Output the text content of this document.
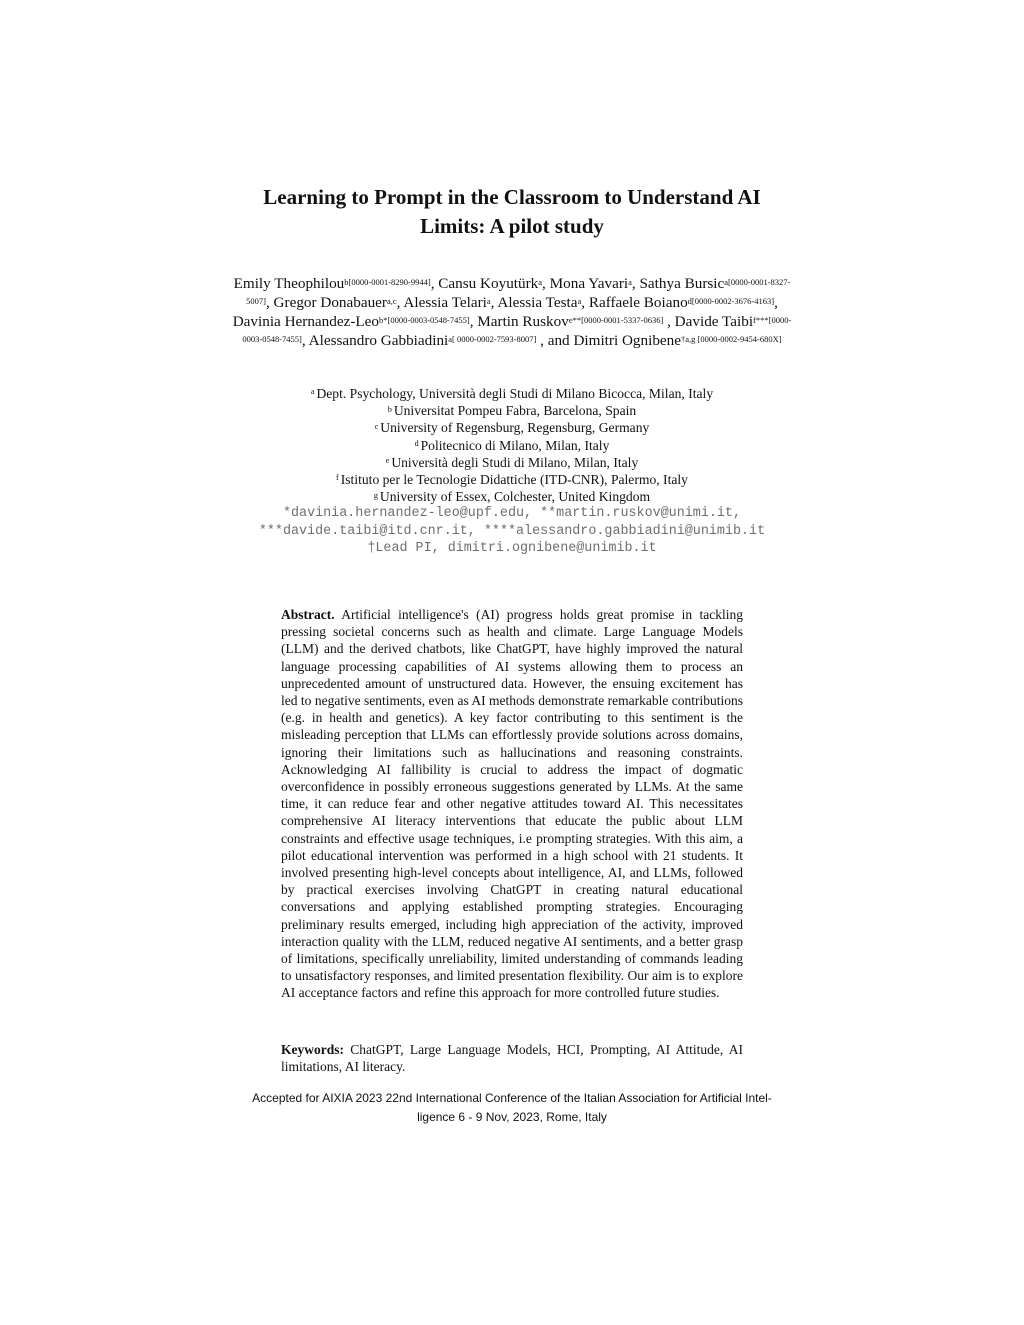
Learning to Prompt in the Classroom to Understand AI
Limits: A pilot study
Emily Theophilou$^{b[0000-0001-8290-9944]}$, Cansu Koyutürk$^a$, Mona Yavari$^a$, Sathya Bursic$^{a[0000-0001-8327-5007]}$, Gregor Donabauer$^{a,c}$, Alessia Telari$^a$, Alessia Testa$^a$, Raffaele Boiano$^{d[0000-0002-3676-4163]}$, Davinia Hernandez-Leo$^{b*[0000-0003-0548-7455]}$, Martin Ruskov$^{e**[0000-0001-5337-0636]}$ , Davide Taibi$^{f***[0000-0003-0548-7455]}$, Alessandro Gabbiadini$^{a[ 0000-0002-7593-8007]}$ , and Dimitri Ognibene$^{\dagger a,g [0000-0002-9454-680X]}$
$^a$ Dept. Psychology, Università degli Studi di Milano Bicocca, Milan, Italy
$^b$ Universitat Pompeu Fabra, Barcelona, Spain
$^c$ University of Regensburg, Regensburg, Germany
$^d$ Politecnico di Milano, Milan, Italy
$^e$ Università degli Studi di Milano, Milan, Italy
$^f$ Istituto per le Tecnologie Didattiche (ITD-CNR), Palermo, Italy
$^g$ University of Essex, Colchester, United Kingdom
*davinia.hernandez-leo@upf.edu, **martin.ruskov@unimi.it,
***davide.taibi@itd.cnr.it, ****alessandro.gabbiadini@unimib.it
†Lead PI, dimitri.ognibene@unimib.it
Abstract. Artificial intelligence's (AI) progress holds great promise in tackling pressing societal concerns such as health and climate. Large Language Models (LLM) and the derived chatbots, like ChatGPT, have highly improved the natural language processing capabilities of AI systems allowing them to process an unprecedented amount of unstructured data. However, the ensuing excitement has led to negative sentiments, even as AI methods demonstrate remarkable contributions (e.g. in health and genetics). A key factor contributing to this sentiment is the misleading perception that LLMs can effortlessly provide solutions across domains, ignoring their limitations such as hallucinations and reasoning constraints. Acknowledging AI fallibility is crucial to address the impact of dogmatic overconfidence in possibly erroneous suggestions generated by LLMs. At the same time, it can reduce fear and other negative attitudes toward AI. This necessitates comprehensive AI literacy interventions that educate the public about LLM constraints and effective usage techniques, i.e prompting strategies. With this aim, a pilot educational intervention was performed in a high school with 21 students. It involved presenting high-level concepts about intelligence, AI, and LLMs, followed by practical exercises involving ChatGPT in creating natural educational conversations and applying established prompting strategies. Encouraging preliminary results emerged, including high appreciation of the activity, improved interaction quality with the LLM, reduced negative AI sentiments, and a better grasp of limitations, specifically unreliability, limited understanding of commands leading to unsatisfactory responses, and limited presentation flexibility. Our aim is to explore AI acceptance factors and refine this approach for more controlled future studies.
Keywords: ChatGPT, Large Language Models, HCI, Prompting, AI Attitude, AI limitations, AI literacy.
Accepted for AIXIA 2023 22nd International Conference of the Italian Association for Artificial Intel-
ligence 6 - 9 Nov, 2023, Rome, Italy
